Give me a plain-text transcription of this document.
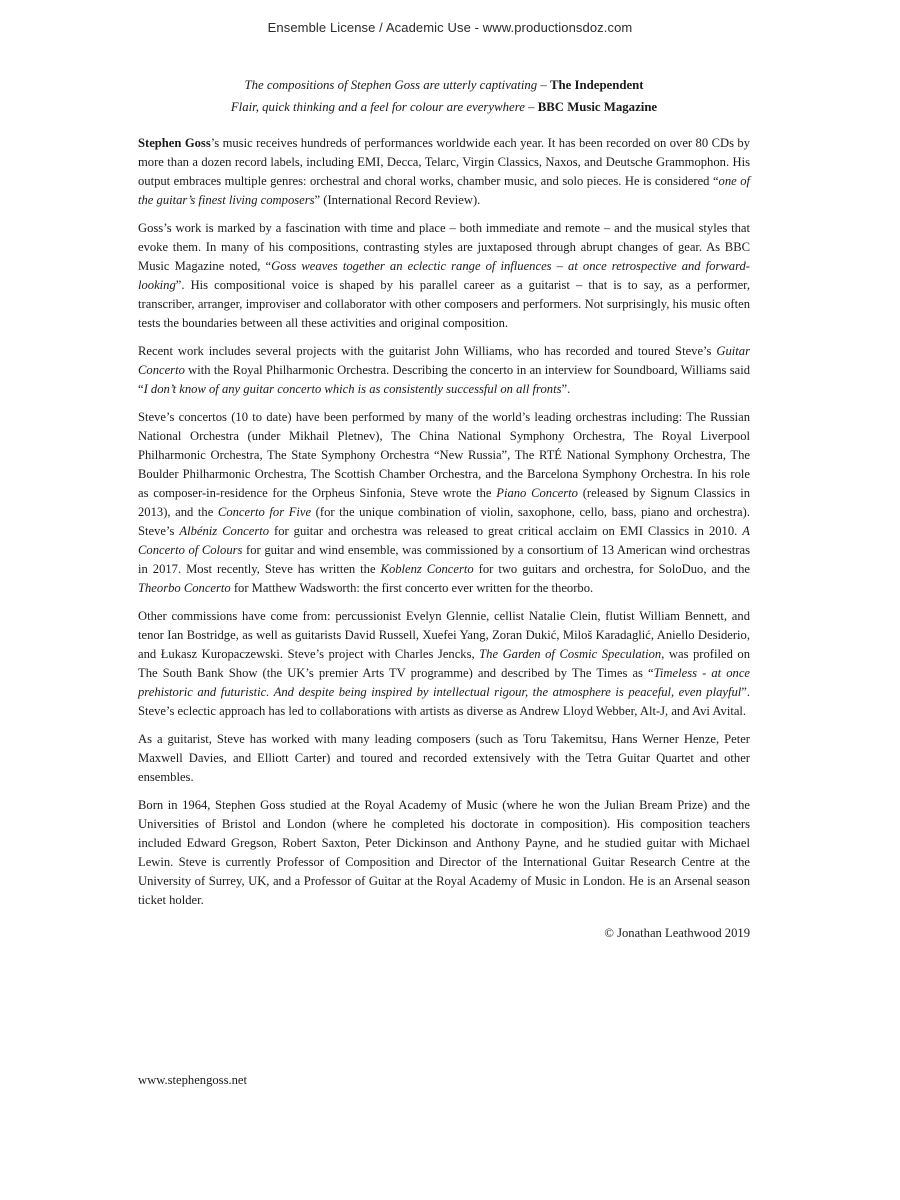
Ensemble License / Academic Use - www.productionsdoz.com

The compositions of Stephen Goss are utterly captivating – The Independent

Flair, quick thinking and a feel for colour are everywhere – BBC Music Magazine

Stephen Goss’s music receives hundreds of performances worldwide each year. It has been recorded on over 80 CDs by more than a dozen record labels, including EMI, Decca, Telarc, Virgin Classics, Naxos, and Deutsche Grammophon. His output embraces multiple genres: orchestral and choral works, chamber music, and solo pieces. He is considered “one of the guitar’s finest living composers” (International Record Review).

Goss’s work is marked by a fascination with time and place – both immediate and remote – and the musical styles that evoke them. In many of his compositions, contrasting styles are juxtaposed through abrupt changes of gear. As BBC Music Magazine noted, “Goss weaves together an eclectic range of influences – at once retrospective and forward-looking”. His compositional voice is shaped by his parallel career as a guitarist – that is to say, as a performer, transcriber, arranger, improviser and collaborator with other composers and performers. Not surprisingly, his music often tests the boundaries between all these activities and original composition.

Recent work includes several projects with the guitarist John Williams, who has recorded and toured Steve’s Guitar Concerto with the Royal Philharmonic Orchestra. Describing the concerto in an interview for Soundboard, Williams said “I don’t know of any guitar concerto which is as consistently successful on all fronts”.

Steve’s concertos (10 to date) have been performed by many of the world’s leading orchestras including: The Russian National Orchestra (under Mikhail Pletnev), The China National Symphony Orchestra, The Royal Liverpool Philharmonic Orchestra, The State Symphony Orchestra “New Russia”, The RTÉ National Symphony Orchestra, The Boulder Philharmonic Orchestra, The Scottish Chamber Orchestra, and the Barcelona Symphony Orchestra. In his role as composer-in-residence for the Orpheus Sinfonia, Steve wrote the Piano Concerto (released by Signum Classics in 2013), and the Concerto for Five (for the unique combination of violin, saxophone, cello, bass, piano and orchestra). Steve’s Albéniz Concerto for guitar and orchestra was released to great critical acclaim on EMI Classics in 2010. A Concerto of Colours for guitar and wind ensemble, was commissioned by a consortium of 13 American wind orchestras in 2017. Most recently, Steve has written the Koblenz Concerto for two guitars and orchestra, for SoloDuo, and the Theorbo Concerto for Matthew Wadsworth: the first concerto ever written for the theorbo.

Other commissions have come from: percussionist Evelyn Glennie, cellist Natalie Clein, flutist William Bennett, and tenor Ian Bostridge, as well as guitarists David Russell, Xuefei Yang, Zoran Dukić, Miloš Karadaglić, Aniello Desiderio, and Łukasz Kuropaczewski. Steve’s project with Charles Jencks, The Garden of Cosmic Speculation, was profiled on The South Bank Show (the UK’s premier Arts TV programme) and described by The Times as “Timeless - at once prehistoric and futuristic. And despite being inspired by intellectual rigour, the atmosphere is peaceful, even playful”. Steve’s eclectic approach has led to collaborations with artists as diverse as Andrew Lloyd Webber, Alt-J, and Avi Avital.

As a guitarist, Steve has worked with many leading composers (such as Toru Takemitsu, Hans Werner Henze, Peter Maxwell Davies, and Elliott Carter) and toured and recorded extensively with the Tetra Guitar Quartet and other ensembles.

Born in 1964, Stephen Goss studied at the Royal Academy of Music (where he won the Julian Bream Prize) and the Universities of Bristol and London (where he completed his doctorate in composition). His composition teachers included Edward Gregson, Robert Saxton, Peter Dickinson and Anthony Payne, and he studied guitar with Michael Lewin. Steve is currently Professor of Composition and Director of the International Guitar Research Centre at the University of Surrey, UK, and a Professor of Guitar at the Royal Academy of Music in London. He is an Arsenal season ticket holder.

© Jonathan Leathwood 2019
www.stephengoss.net
